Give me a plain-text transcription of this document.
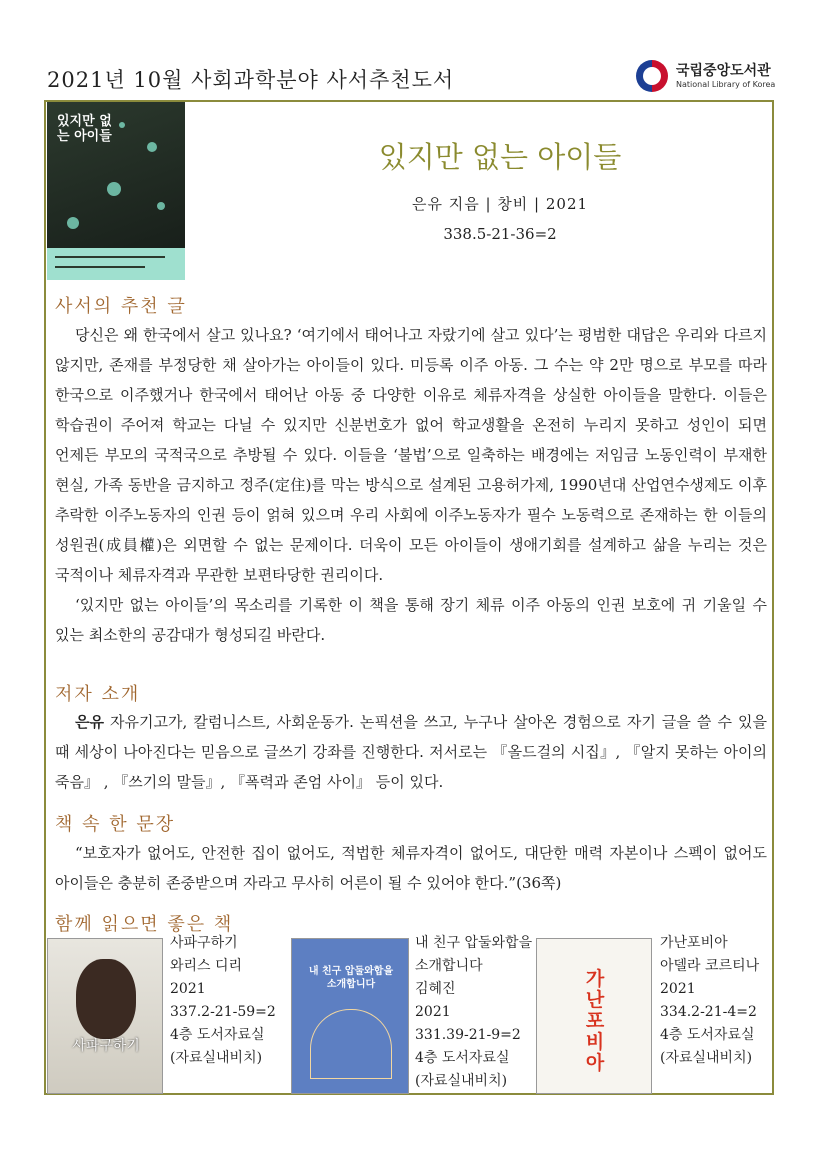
2021년 10월 사회과학분야 사서추천도서	국립중앙도서관
National Library of Korea
있지만 없는 아이들
있지만 없는 아이들
은유 지음 | 창비 | 2021
338.5-21-36=2
사서의 추천 글

당신은 왜 한국에서 살고 있나요? ‘여기에서 태어나고 자랐기에 살고 있다’는 평범한 대답은 우리와 다르지 않지만, 존재를 부정당한 채 살아가는 아이들이 있다. 미등록 이주 아동. 그 수는 약 2만 명으로 부모를 따라 한국으로 이주했거나 한국에서 태어난 아동 중 다양한 이유로 체류자격을 상실한 아이들을 말한다. 이들은 학습권이 주어져 학교는 다닐 수 있지만 신분번호가 없어 학교생활을 온전히 누리지 못하고 성인이 되면 언제든 부모의 국적국으로 추방될 수 있다. 이들을 ‘불법’으로 일축하는 배경에는 저임금 노동인력이 부재한 현실, 가족 동반을 금지하고 정주(定住)를 막는 방식으로 설계된 고용허가제, 1990년대 산업연수생제도 이후 추락한 이주노동자의 인권 등이 얽혀 있으며 우리 사회에 이주노동자가 필수 노동력으로 존재하는 한 이들의 성원권(成員權)은 외면할 수 없는 문제이다. 더욱이 모든 아이들이 생애기회를 설계하고 삶을 누리는 것은 국적이나 체류자격과 무관한 보편타당한 권리이다.

‘있지만 없는 아이들’의 목소리를 기록한 이 책을 통해 장기 체류 이주 아동의 인권 보호에 귀 기울일 수 있는 최소한의 공감대가 형성되길 바란다.

저자 소개

은유 자유기고가, 칼럼니스트, 사회운동가. 논픽션을 쓰고, 누구나 살아온 경험으로 자기 글을 쓸 수 있을 때 세상이 나아진다는 믿음으로 글쓰기 강좌를 진행한다. 저서로는 『올드걸의 시집』, 『알지 못하는 아이의 죽음』 , 『쓰기의 말들』, 『폭력과 존엄 사이』 등이 있다.

책 속 한 문장

“보호자가 없어도, 안전한 집이 없어도, 적법한 체류자격이 없어도, 대단한 매력 자본이나 스펙이 없어도 아이들은 충분히 존중받으며 자라고 무사히 어른이 될 수 있어야 한다.”(36쪽)

함께 읽으면 좋은 책
사파구하기
사파구하기
와리스 디리
2021
337.2-21-59=2
4층 도서자료실
(자료실내비치)
내 친구 압둘와합을 소개합니다
내 친구 압둘와합을
소개합니다
김혜진
2021
331.39-21-9=2
4층 도서자료실
(자료실내비치)
가난포비아
가난포비아
아델라 코르티나
2021
334.2-21-4=2
4층 도서자료실
(자료실내비치)
